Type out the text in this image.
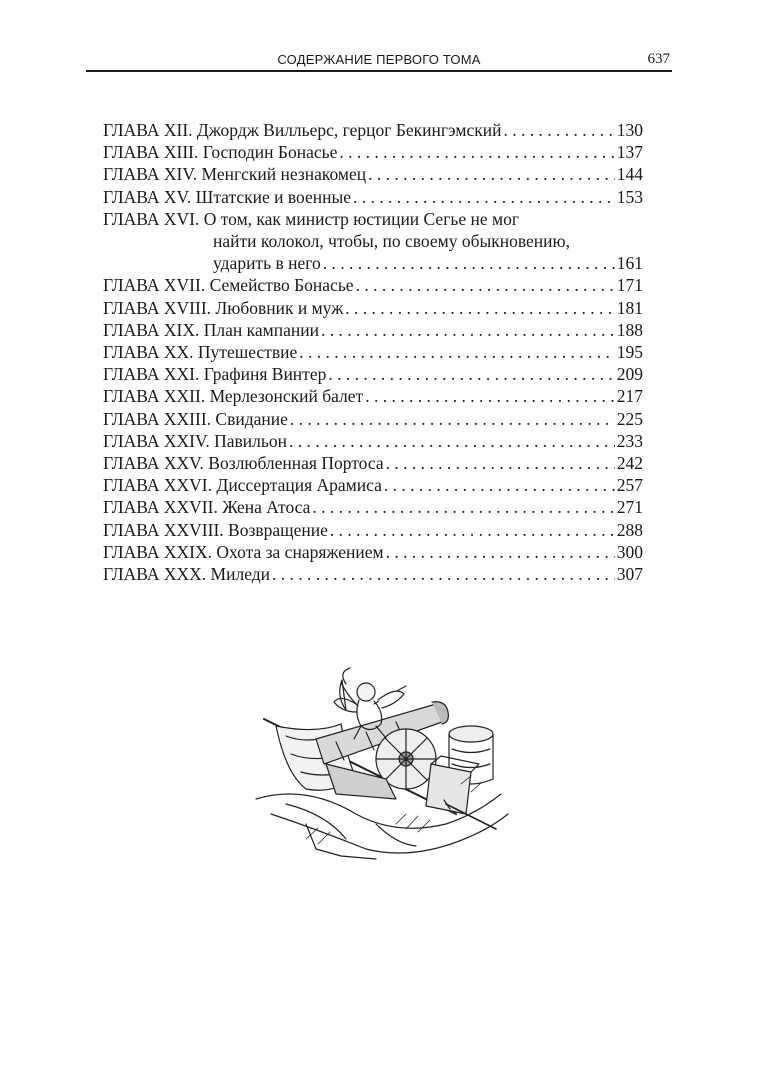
СОДЕРЖАНИЕ ПЕРВОГО ТОМА	637
ГЛАВА XII. Джордж Вилльерс, герцог Бекингэмский . . .	130
ГЛАВА XIII. Господин Бонасье . . .	137
ГЛАВА XIV. Менгский незнакомец . . .	144
ГЛАВА XV. Штатские и военные . . .	153
ГЛАВА XVI. О том, как министр юстиции Сегье не мог
найти колокол, чтобы, по своему обыкновению,
ударить в него . . .	161
ГЛАВА XVII. Семейство Бонасье . . .	171
ГЛАВА XVIII. Любовник и муж . . .	181
ГЛАВА XIX. План кампании . . .	188
ГЛАВА XX. Путешествие . . .	195
ГЛАВА XXI. Графиня Винтер . . .	209
ГЛАВА XXII. Мерлезонский балет . . .	217
ГЛАВА XXIII. Свидание . . .	225
ГЛАВА XXIV. Павильон . . .	233
ГЛАВА XXV. Возлюбленная Портоса . . .	242
ГЛАВА XXVI. Диссертация Арамиса . . .	257
ГЛАВА XXVII. Жена Атоса . . .	271
ГЛАВА XXVIII. Возвращение . . .	288
ГЛАВА XXIX. Охота за снаряжением . . .	300
ГЛАВА XXX. Миледи . . .	307
